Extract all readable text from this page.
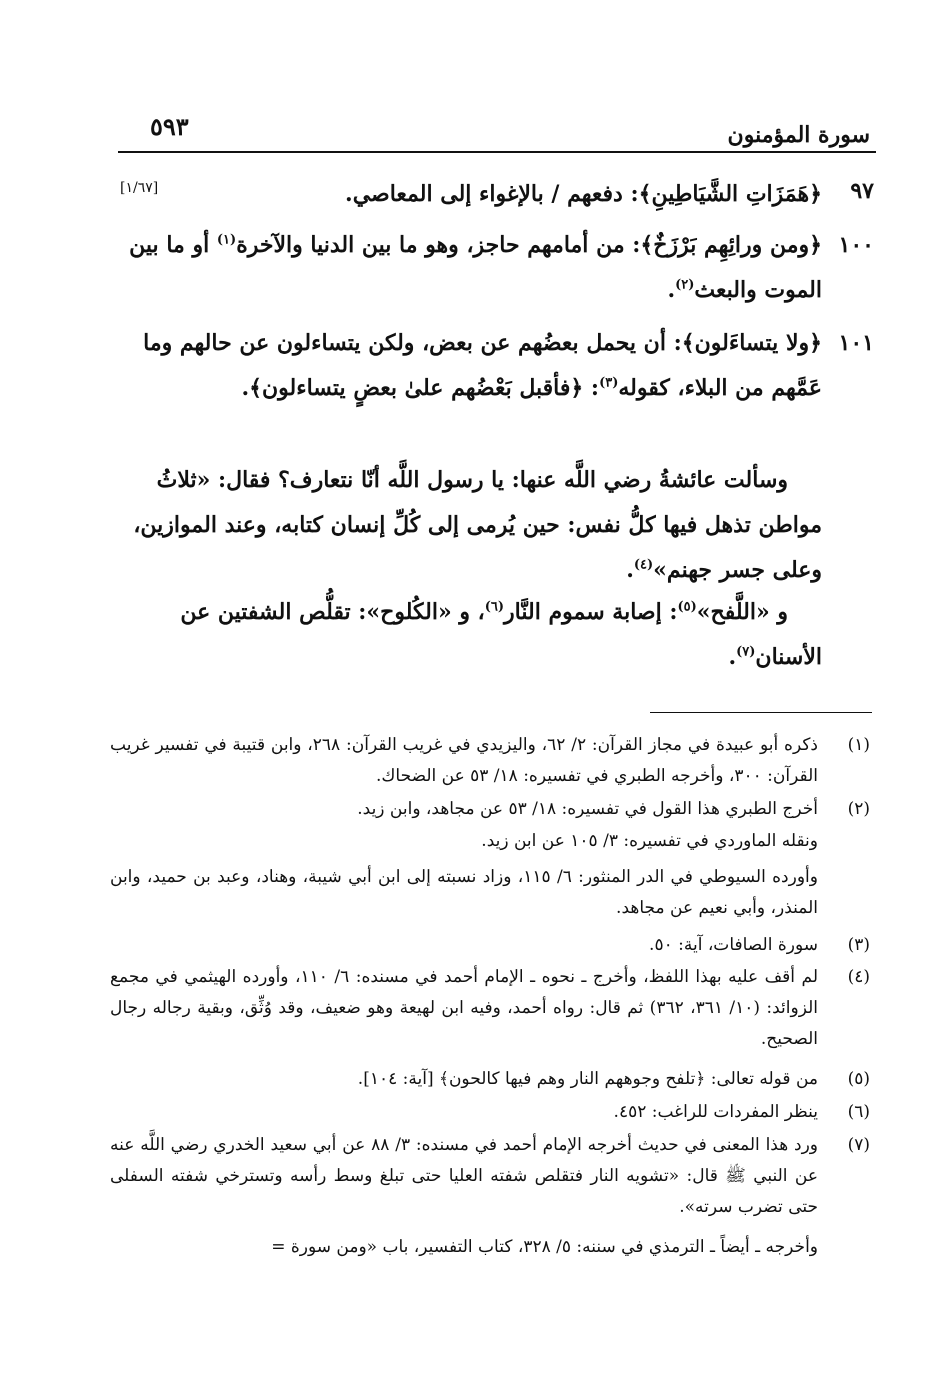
سورة المؤمنون
٥٩٣
٩٧
[١/٦٧]	﴿هَمَزَاتِ الشَّيَاطِينِ﴾: دفعهم / بالإغواء إلى المعاصي.
١٠٠
﴿ومن ورائِهِم بَرْزَخٌ﴾: من أمامهم حاجز، وهو ما بين الدنيا والآخرة$^{(١)}$ أو ما بين الموت والبعث$^{(٢)}$.
١٠١
﴿ولا يتساءَلون﴾: أن يحمل بعضُهم عن بعض، ولكن يتساءلون عن حالهم وما عَمَّهم من البلاء، كقوله$^{(٣)}$: ﴿فأقبل بَعْضُهم علىٰ بعضٍ يتساءلون﴾.
وسألت عائشةُ رضي اللَّه عنها: يا رسول اللَّه أنّا نتعارف؟ فقال: «ثلاثُ مواطن تذهل فيها كلُّ نفس: حين يُرمى إلى كُلِّ إنسان كتابه، وعند الموازين، وعلى جسر جهنم»$^{(٤)}$.
و «اللَّفح»$^{(٥)}$: إصابة سموم النَّار$^{(٦)}$، و «الكُلوح»: تقلُّص الشفتين عن الأسنان$^{(٧)}$.
(١)
ذكره أبو عبيدة في مجاز القرآن: ٢/ ٦٢، واليزيدي في غريب القرآن: ٢٦٨، وابن قتيبة في تفسير غريب القرآن: ٣٠٠، وأخرجه الطبري في تفسيره: ١٨/ ٥٣ عن الضحاك.
(٢)
أخرج الطبري هذا القول في تفسيره: ١٨/ ٥٣ عن مجاهد، وابن زيد.
ونقله الماوردي في تفسيره: ٣/ ١٠٥ عن ابن زيد.
وأورده السيوطي في الدر المنثور: ٦/ ١١٥، وزاد نسبته إلى ابن أبي شيبة، وهناد، وعبد بن حميد، وابن المنذر، وأبي نعيم عن مجاهد.
(٣)
سورة الصافات، آية: ٥٠.
(٤)
لم أقف عليه بهذا اللفظ، وأخرج ـ نحوه ـ الإمام أحمد في مسنده: ٦/ ١١٠، وأورده الهيثمي في مجمع الزوائد: (١٠/ ٣٦١، ٣٦٢) ثم قال: رواه أحمد، وفيه ابن لهيعة وهو ضعيف، وقد وُثِّق، وبقية رجاله رجال الصحيح.
(٥)
من قوله تعالى: ﴿تلفح وجوههم النار وهم فيها كالحون﴾ [آية: ١٠٤].
(٦)
ينظر المفردات للراغب: ٤٥٢.
(٧)
ورد هذا المعنى في حديث أخرجه الإمام أحمد في مسنده: ٣/ ٨٨ عن أبي سعيد الخدري رضي اللَّه عنه عن النبي ﷺ قال: «تشويه النار فتقلص شفته العليا حتى تبلغ وسط رأسه وتسترخي شفته السفلى حتى تضرب سرته».
وأخرجه ـ أيضاً ـ الترمذي في سننه: ٥/ ٣٢٨، كتاب التفسير، باب «ومن سورة =
